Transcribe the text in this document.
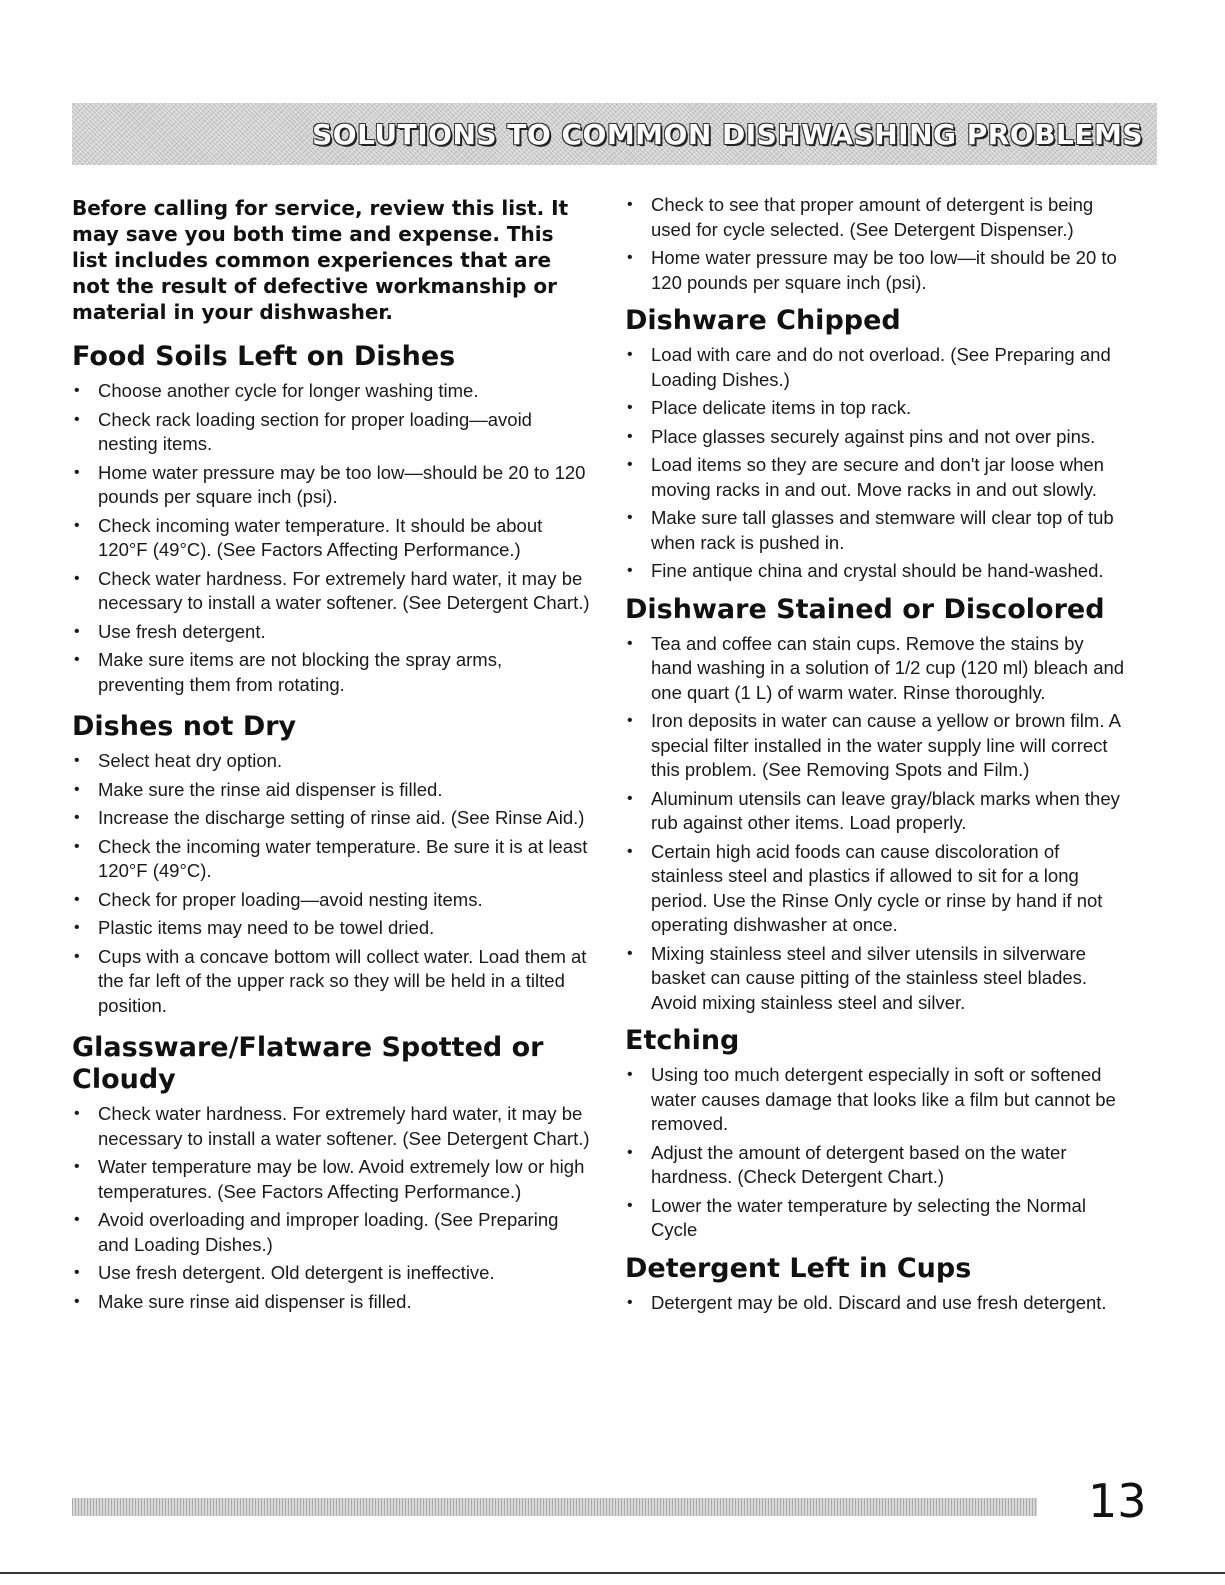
SOLUTIONS TO COMMON DISHWASHING PROBLEMS

Before calling for service, review this list. It may save you both time and expense. This list includes common experiences that are not the result of defective workmanship or material in your dishwasher.

Food Soils Left on Dishes
• Choose another cycle for longer washing time.
• Check rack loading section for proper loading—avoid nesting items.
• Home water pressure may be too low—should be 20 to 120 pounds per square inch (psi).
• Check incoming water temperature. It should be about 120°F (49°C). (See Factors Affecting Performance.)
• Check water hardness. For extremely hard water, it may be necessary to install a water softener. (See Detergent Chart.)
• Use fresh detergent.
• Make sure items are not blocking the spray arms, preventing them from rotating.
Dishes not Dry
• Select heat dry option.
• Make sure the rinse aid dispenser is filled.
• Increase the discharge setting of rinse aid. (See Rinse Aid.)
• Check the incoming water temperature. Be sure it is at least 120°F (49°C).
• Check for proper loading—avoid nesting items.
• Plastic items may need to be towel dried.
• Cups with a concave bottom will collect water. Load them at the far left of the upper rack so they will be held in a tilted position.
Glassware/Flatware Spotted or Cloudy
• Check water hardness. For extremely hard water, it may be necessary to install a water softener. (See Detergent Chart.)
• Water temperature may be low. Avoid extremely low or high temperatures. (See Factors Affecting Performance.)
• Avoid overloading and improper loading. (See Preparing and Loading Dishes.)
• Use fresh detergent. Old detergent is ineffective.
• Make sure rinse aid dispenser is filled.
• Check to see that proper amount of detergent is being used for cycle selected. (See Detergent Dispenser.)
• Home water pressure may be too low—it should be 20 to 120 pounds per square inch (psi).
Dishware Chipped
• Load with care and do not overload. (See Preparing and Loading Dishes.)
• Place delicate items in top rack.
• Place glasses securely against pins and not over pins.
• Load items so they are secure and don't jar loose when moving racks in and out. Move racks in and out slowly.
• Make sure tall glasses and stemware will clear top of tub when rack is pushed in.
• Fine antique china and crystal should be hand-washed.
Dishware Stained or Discolored
• Tea and coffee can stain cups. Remove the stains by hand washing in a solution of 1/2 cup (120 ml) bleach and one quart (1 L) of warm water. Rinse thoroughly.
• Iron deposits in water can cause a yellow or brown film. A special filter installed in the water supply line will correct this problem. (See Removing Spots and Film.)
• Aluminum utensils can leave gray/black marks when they rub against other items. Load properly.
• Certain high acid foods can cause discoloration of stainless steel and plastics if allowed to sit for a long period. Use the Rinse Only cycle or rinse by hand if not operating dishwasher at once.
• Mixing stainless steel and silver utensils in silverware basket can cause pitting of the stainless steel blades. Avoid mixing stainless steel and silver.
Etching
• Using too much detergent especially in soft or softened water causes damage that looks like a film but cannot be removed.
• Adjust the amount of detergent based on the water hardness. (Check Detergent Chart.)
• Lower the water temperature by selecting the Normal Cycle
Detergent Left in Cups
• Detergent may be old. Discard and use fresh detergent.
13
